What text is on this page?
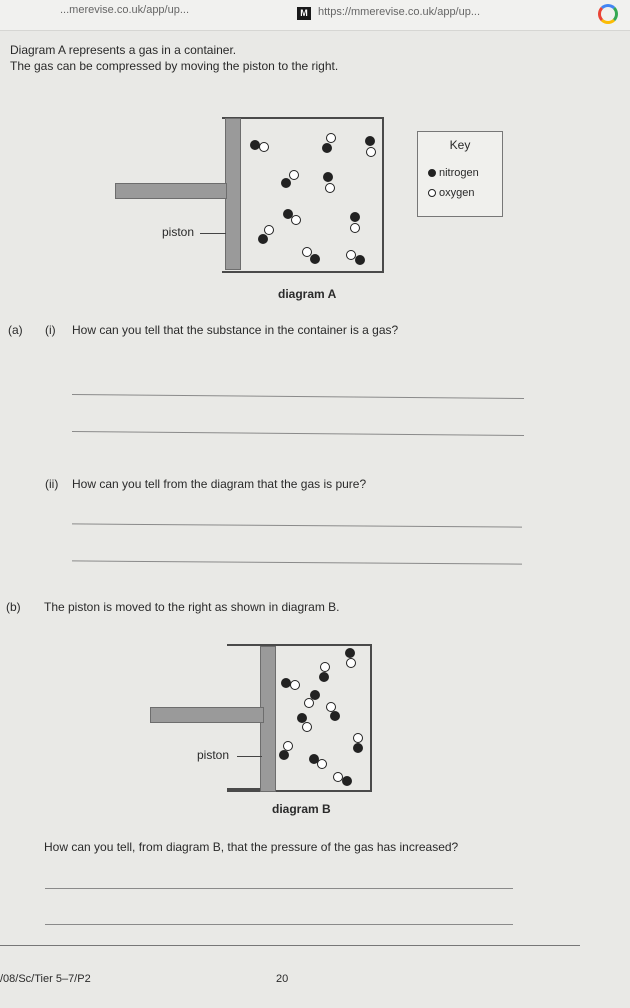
...merevise.co.uk/app/up...	M https://mmerevise.co.uk/app/up...
Diagram A represents a gas in a container.
The gas can be compressed by moving the piston to the right.
piston
diagram A
Key
nitrogen
oxygen
(a) (i) How can you tell that the substance in the container is a gas?
(ii) How can you tell from the diagram that the gas is pure?
(b) The piston is moved to the right as shown in diagram B.
piston
diagram B
How can you tell, from diagram B, that the pressure of the gas has increased?
/08/Sc/Tier 5–7/P2	20
